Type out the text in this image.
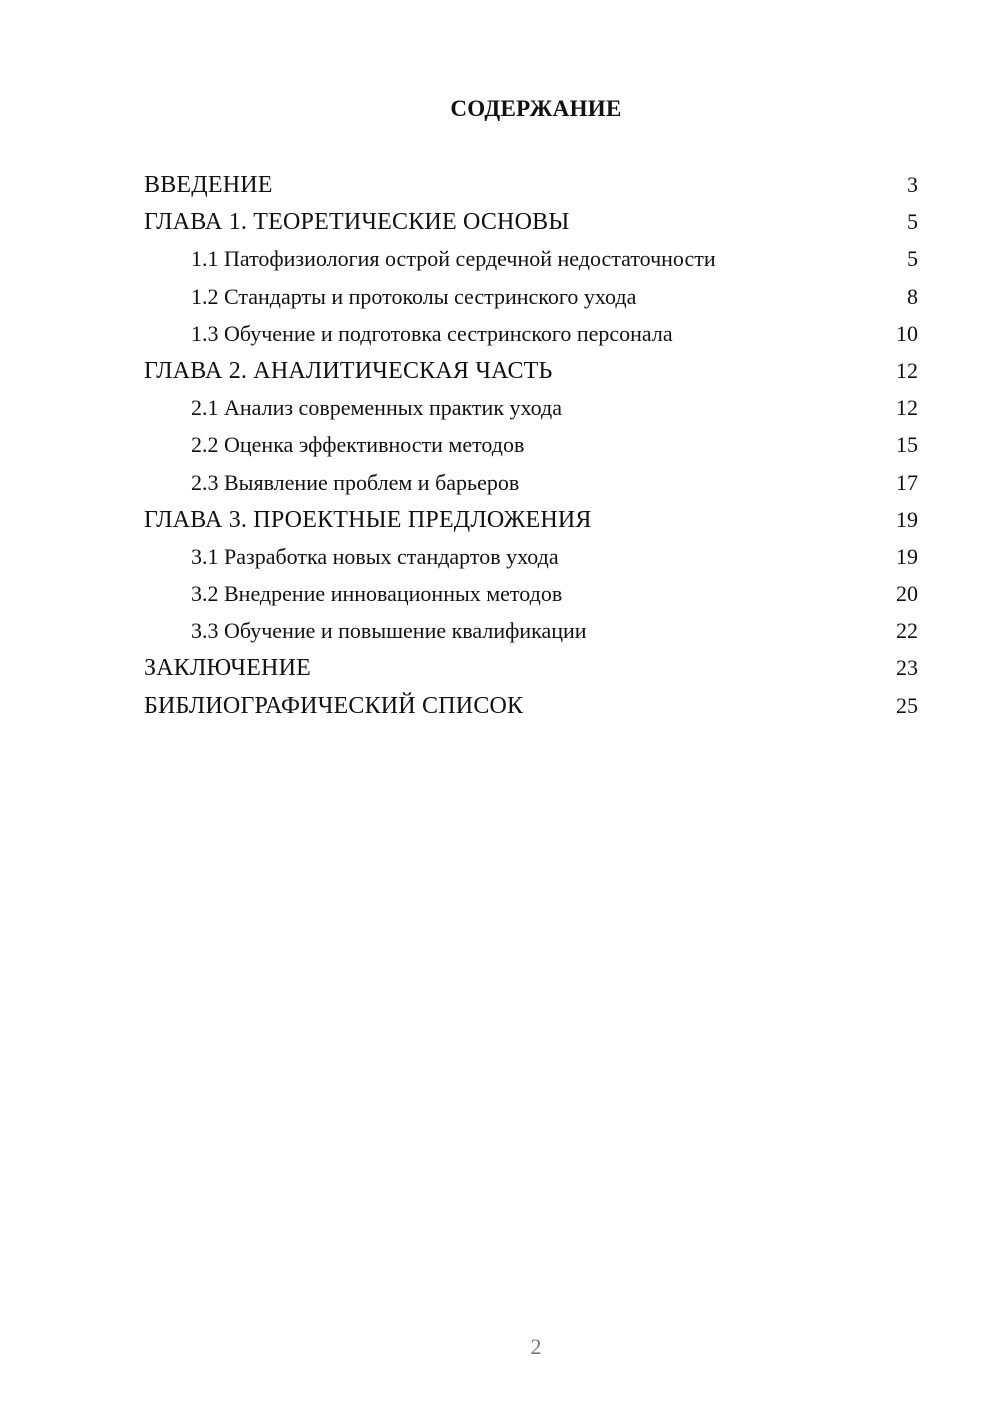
СОДЕРЖАНИЕ
ВВЕДЕНИЕ	3
ГЛАВА 1. ТЕОРЕТИЧЕСКИЕ ОСНОВЫ	5
1.1 Патофизиология острой сердечной недостаточности	5
1.2 Стандарты и протоколы сестринского ухода	8
1.3 Обучение и подготовка сестринского персонала	10
ГЛАВА 2. АНАЛИТИЧЕСКАЯ ЧАСТЬ	12
2.1 Анализ современных практик ухода	12
2.2 Оценка эффективности методов	15
2.3 Выявление проблем и барьеров	17
ГЛАВА 3. ПРОЕКТНЫЕ ПРЕДЛОЖЕНИЯ	19
3.1 Разработка новых стандартов ухода	19
3.2 Внедрение инновационных методов	20
3.3 Обучение и повышение квалификации	22
ЗАКЛЮЧЕНИЕ	23
БИБЛИОГРАФИЧЕСКИЙ СПИСОК	25
2
